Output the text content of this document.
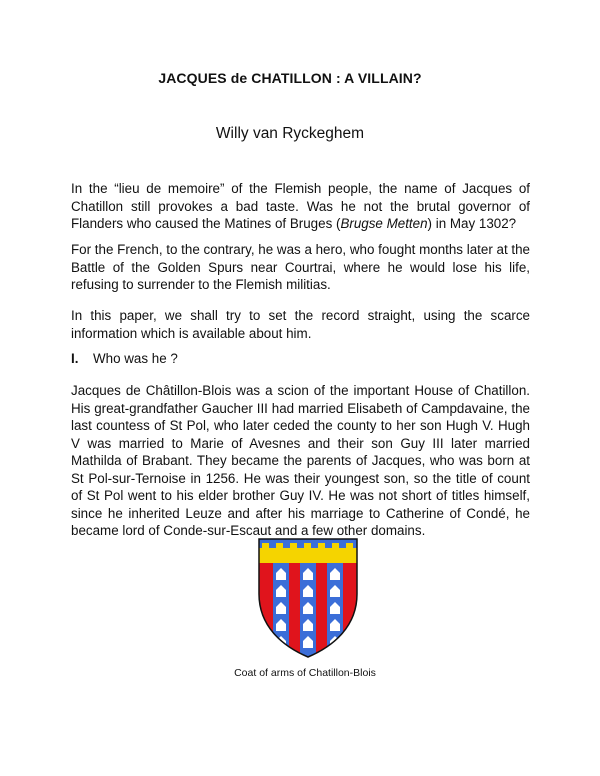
JACQUES de CHATILLON : A VILLAIN?
Willy van Ryckeghem

In the “lieu de memoire” of the Flemish people, the name of Jacques of Chatillon still provokes a bad taste. Was he not the brutal governor of Flanders who caused the Matines of Bruges (Brugse Metten) in May 1302?

For the French, to the contrary, he was a hero, who fought months later at the Battle of the Golden Spurs near Courtrai, where he would lose his life, refusing to surrender to the Flemish militias.

In this paper, we shall try to set the record straight, using the scarce information which is available about him.

I. Who was he ?

Jacques de Châtillon-Blois was a scion of the important House of Chatillon. His great-grandfather Gaucher III had married Elisabeth of Campdavaine, the last countess of St Pol, who later ceded the county to her son Hugh V. Hugh V was married to Marie of Avesnes and their son Guy III later married Mathilda of Brabant. They became the parents of Jacques, who was born at St Pol-sur-Ternoise in 1256. He was their youngest son, so the title of count of St Pol went to his elder brother Guy IV. He was not short of titles himself, since he inherited Leuze and after his marriage to Catherine of Condé, he became lord of Conde-sur-Escaut and a few other domains.

Coat of arms of Chatillon-Blois
